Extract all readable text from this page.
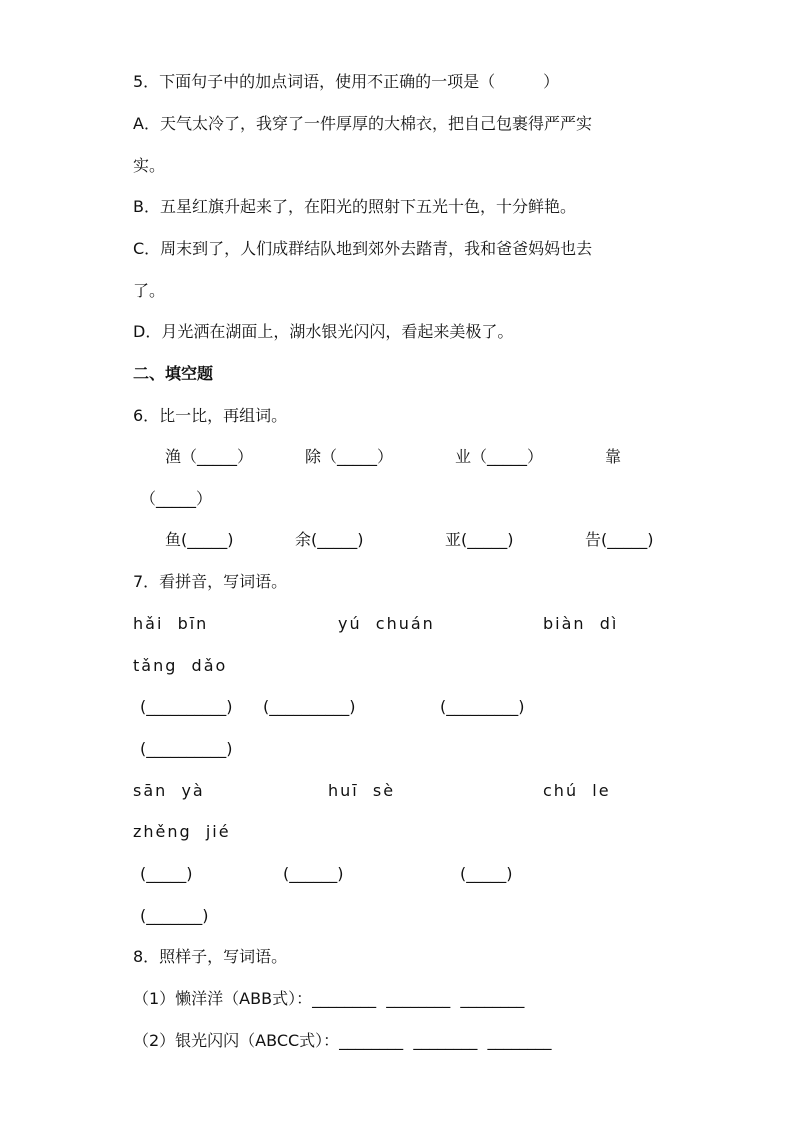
5．下面句子中的加点词语，使用不正确的一项是（　　　）
A．天气太冷了，我穿了一件厚厚的大棉衣，把自己包裹得严严实
实。
B．五星红旗升起来了，在阳光的照射下五光十色，十分鲜艳。
C．周末到了，人们成群结队地到郊外去踏青，我和爸爸妈妈也去
了。
D．月光洒在湖面上，湖水银光闪闪，看起来美极了。
二、填空题
6．比一比，再组词。
渔（_____）	除（_____）	业（_____）	靠
（_____）
鱼(_____)	余(_____)	亚(_____)	告(_____)
7．看拼音，写词语。
hǎi  bīn	yú  chuán	biàn  dì
tǎng  dǎo
(__________) (__________)	(_________)
(__________)
sān  yà	huī  sè	chú  le
zhěng  jié
(_____)	(______)	(_____)
(_______)
8．照样子，写词语。
（1）懒洋洋（ABB式）：________  ________  ________
（2）银光闪闪（ABCC式）：________  ________  ________
